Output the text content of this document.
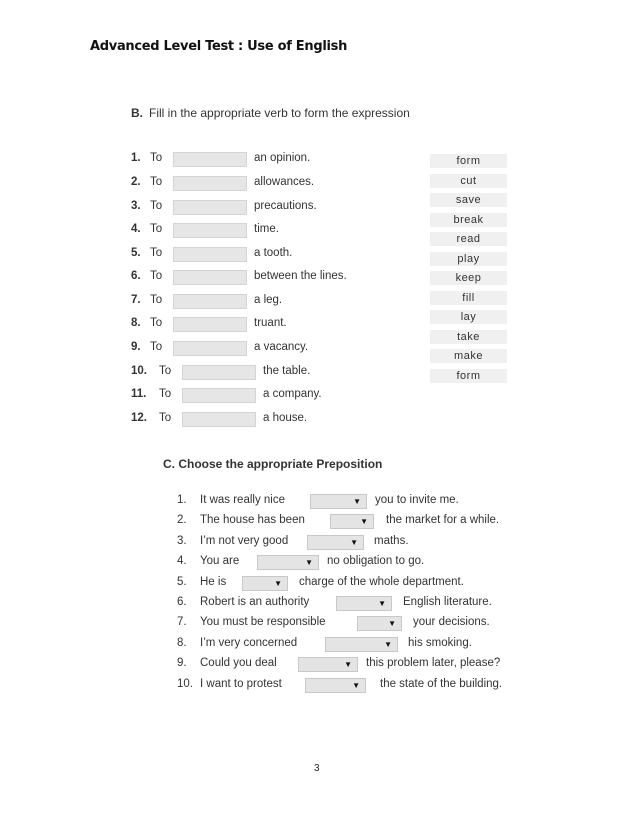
Advanced Level Test : Use of English
B. Fill in the appropriate verb to form the expression
1. To	an opinion.
2. To	allowances.
3. To	precautions.
4. To	time.
5. To	a tooth.
6. To	between the lines.
7. To	a leg.
8. To	truant.
9. To	a vacancy.
10. To	the table.
11. To	a company.
12. To	a house.
form
cut
save
break
read
play
keep
fill
lay
take
make
form
C. Choose the appropriate Preposition
1. It was really nice	▼ you to invite me.
2. The house has been	▼ the market for a while.
3. I’m not very good	▼ maths.
4. You are	▼ no obligation to go.
5. He is	▼ charge of the whole department.
6. Robert is an authority	▼ English literature.
7. You must be responsible	▼ your decisions.
8. I’m very concerned	▼ his smoking.
9. Could you deal	▼ this problem later, please?
10. I want to protest	▼ the state of the building.
3
